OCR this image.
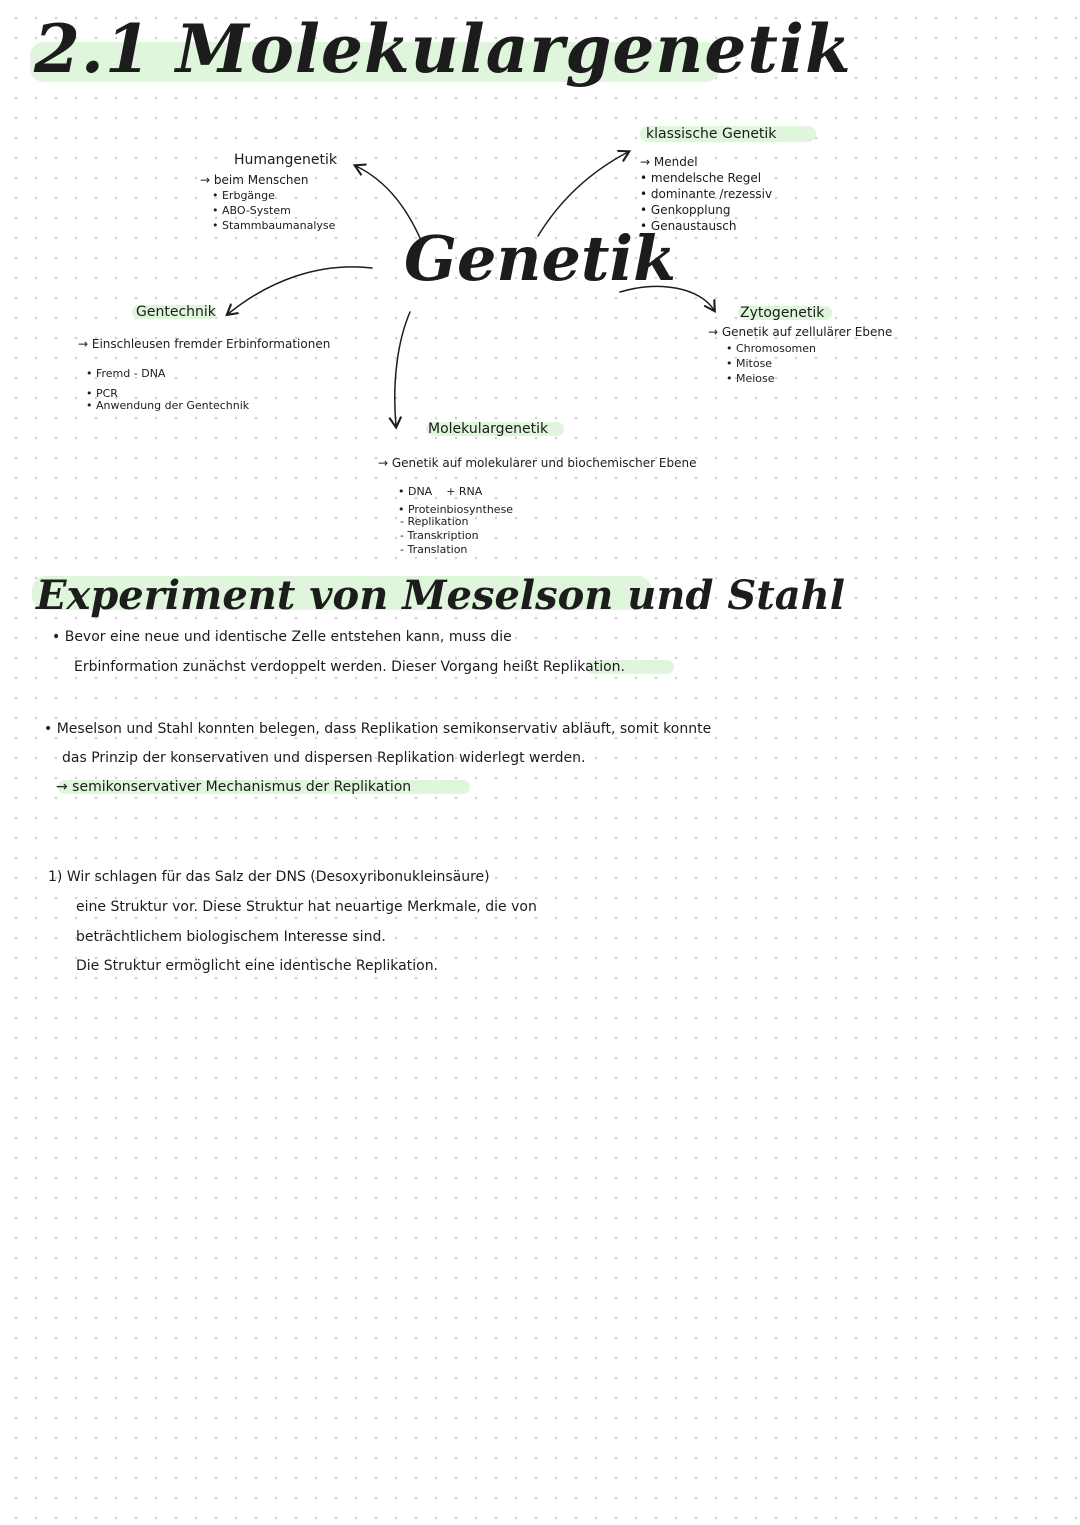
2.1 Molekulargenetik
Genetik
Humangenetik
→ beim Menschen
• Erbgänge
• ABO-System
• Stammbaumanalyse
klassische Genetik
→ Mendel
• mendelsche Regel
• dominante /rezessiv
• Genkopplung
• Genaustausch
Gentechnik
→ Einschleusen fremder Erbinformationen
• Fremd - DNA
• PCR
• Anwendung der Gentechnik
Zytogenetik
→ Genetik auf zellulärer Ebene
• Chromosomen
• Mitose
• Meiose
Molekulargenetik
→ Genetik auf molekularer und biochemischer Ebene
• DNA    + RNA
• Proteinbiosynthese
- Replikation
- Transkription
- Translation
Experiment von Meselson und Stahl
• Bevor eine neue und identische Zelle entstehen kann, muss die
Erbinformation zunächst verdoppelt werden. Dieser Vorgang heißt Replikation.
• Meselson und Stahl konnten belegen, dass Replikation semikonservativ abläuft, somit konnte
das Prinzip der konservativen und dispersen Replikation widerlegt werden.
→ semikonservativer Mechanismus der Replikation
1) Wir schlagen für das Salz der DNS (Desoxyribonukleinsäure)
eine Struktur vor. Diese Struktur hat neuartige Merkmale, die von
beträchtlichem biologischem Interesse sind.
Die Struktur ermöglicht eine identische Replikation.
